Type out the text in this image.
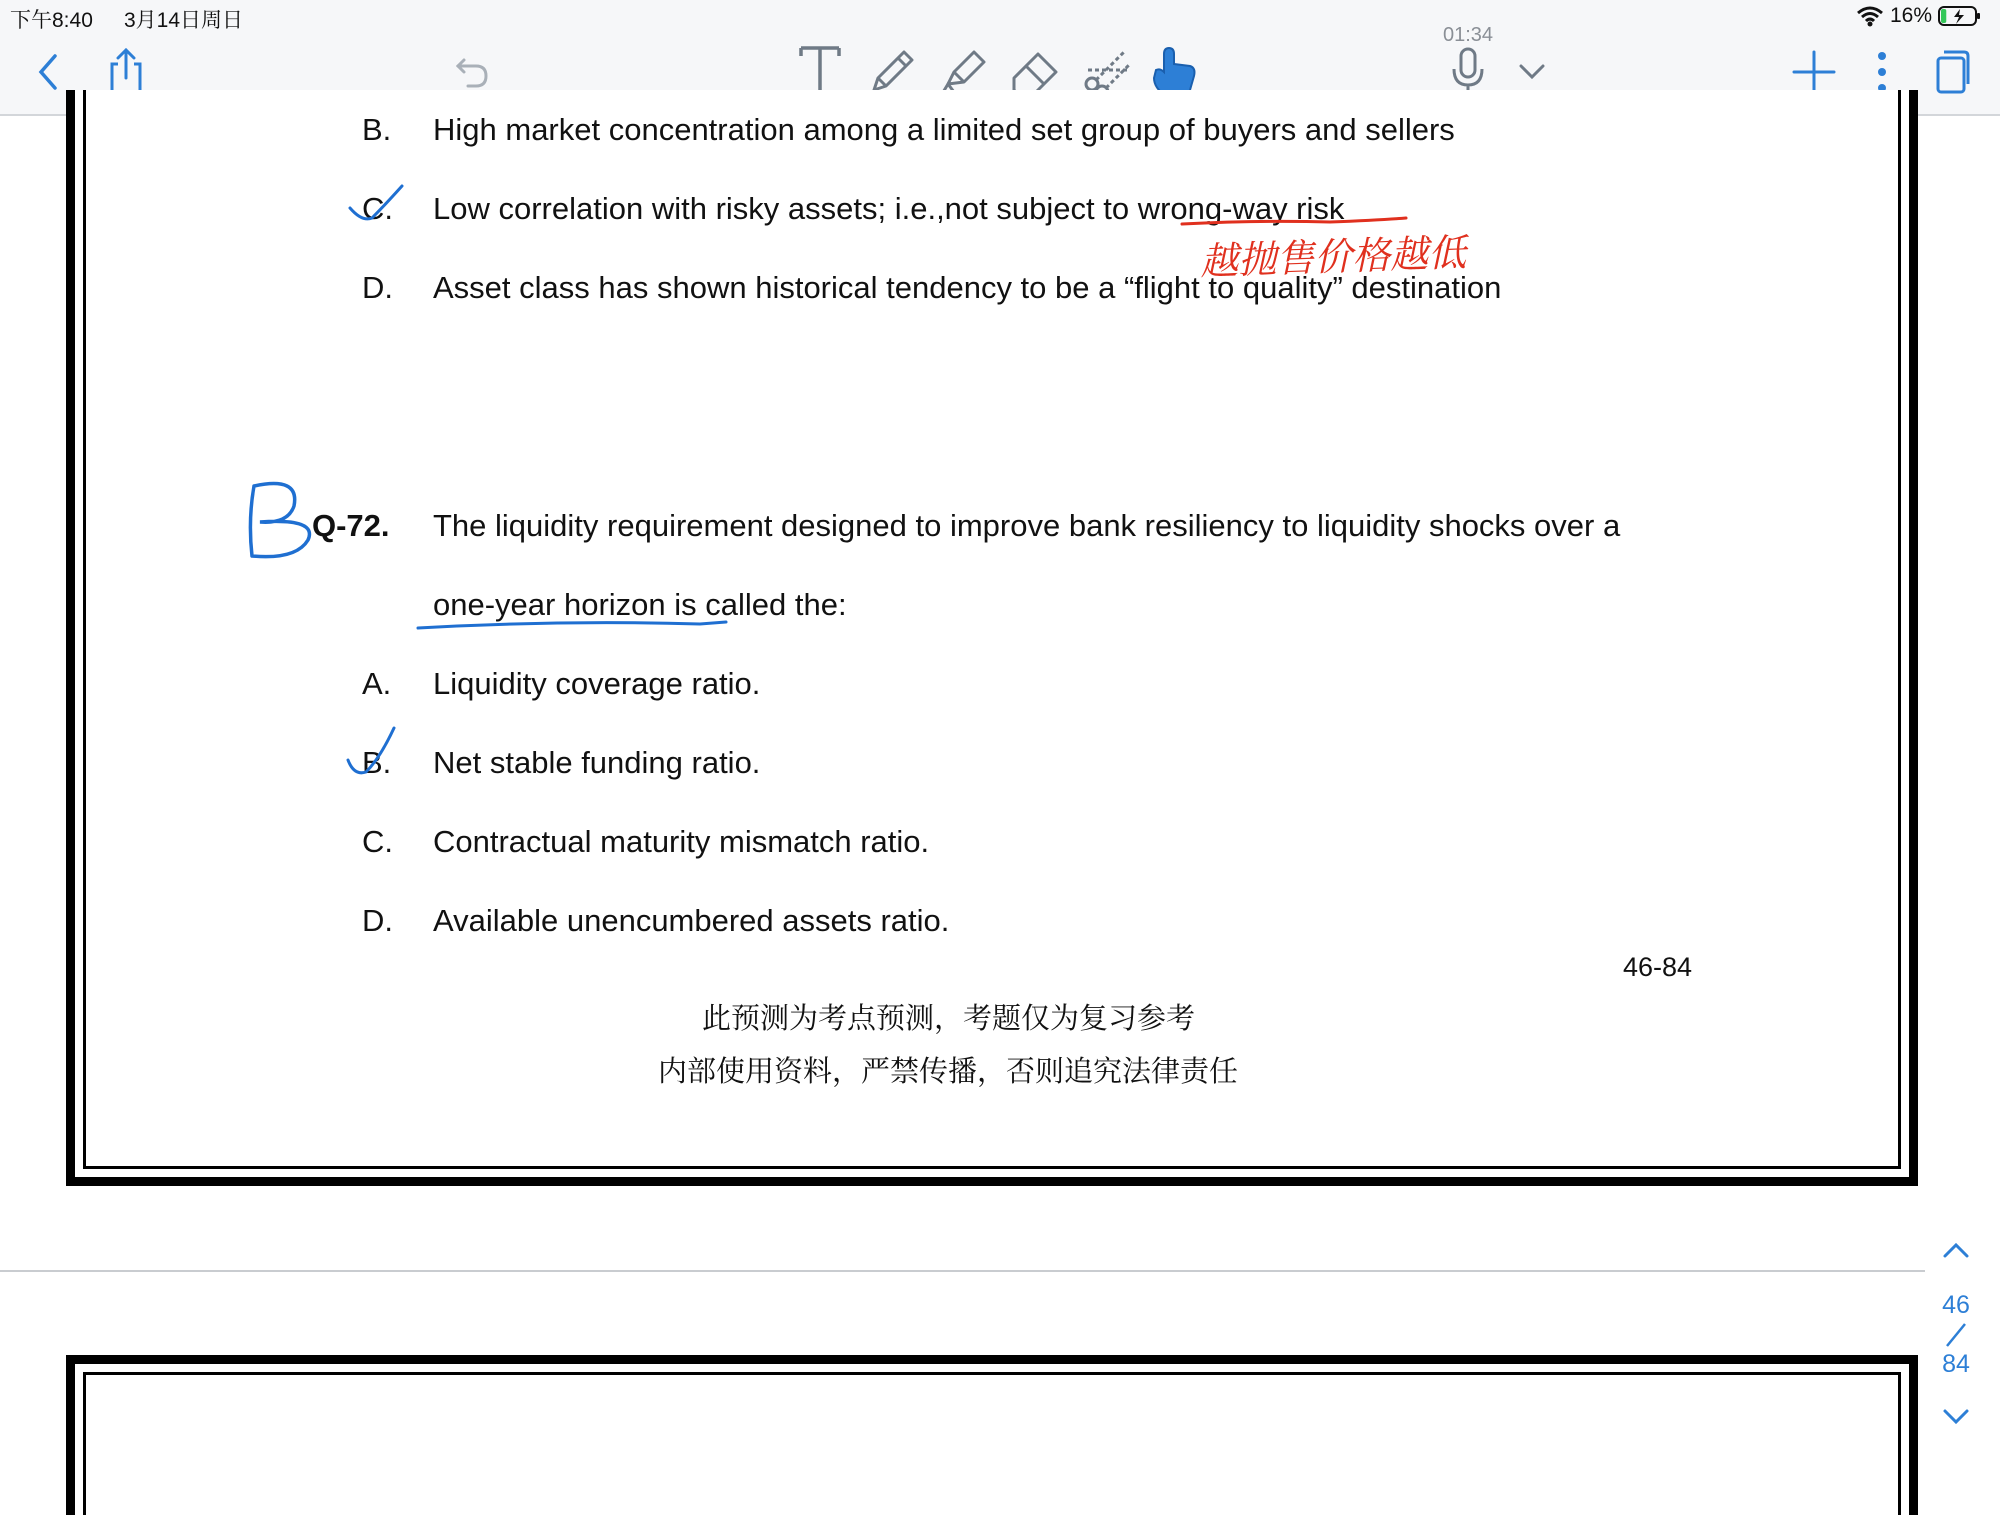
下午8:40 3月14日周日	16%
01:34
B. High market concentration among a limited set group of buyers and sellers
C. Low correlation with risky assets; i.e.,not subject to wrong-way risk
D. Asset class has shown historical tendency to be a “flight to quality” destination
Q-72. The liquidity requirement designed to improve bank resiliency to liquidity shocks over a
one-year horizon is called the:
A. Liquidity coverage ratio.
B. Net stable funding ratio.
C. Contractual maturity mismatch ratio.
D. Available unencumbered assets ratio.
46-84
此预测为考点预测，考题仅为复习参考
内部使用资料，严禁传播，否则追究法律责任
越抛售价格越低
46
84
